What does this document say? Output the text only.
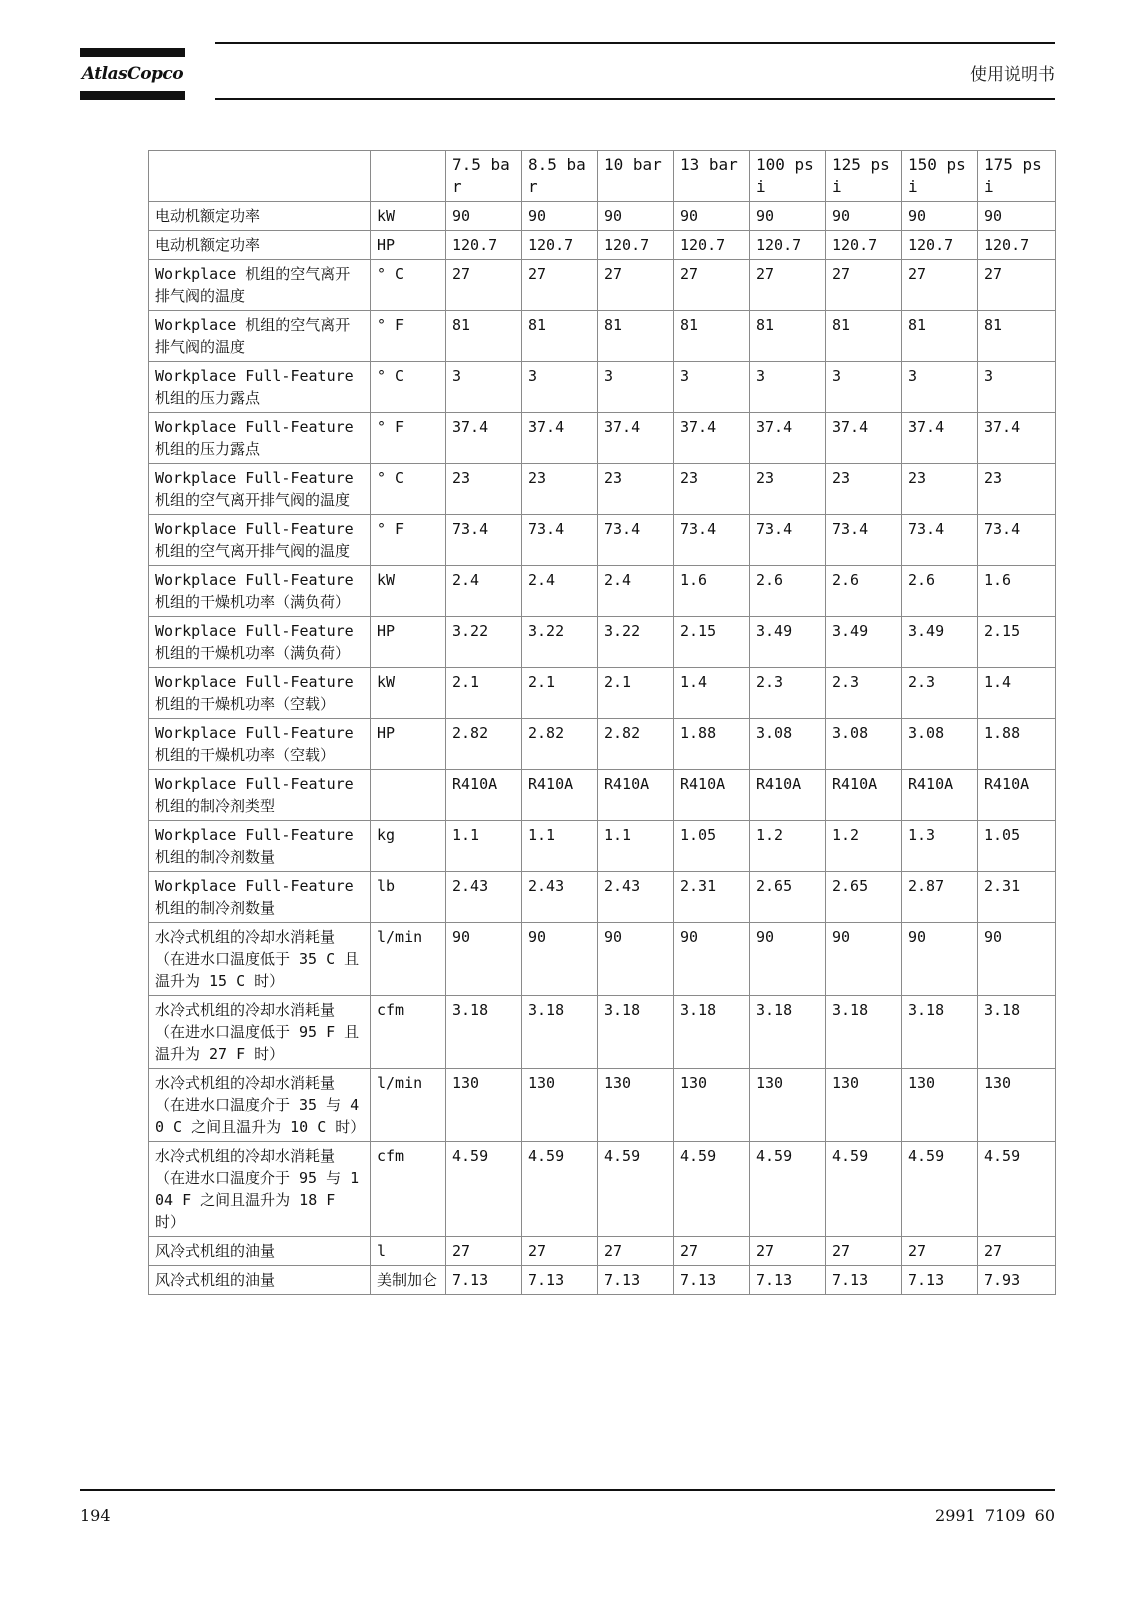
AtlasCopco	使用说明书
		7.5 bar	8.5 bar	10 bar	13 bar	100 psi	125 psi	150 psi	175 psi
电动机额定功率	kW	90	90	90	90	90	90	90	90
电动机额定功率	HP	120.7	120.7	120.7	120.7	120.7	120.7	120.7	120.7
Workplace 机组的空气离开排气阀的温度	° C	27	27	27	27	27	27	27	27
Workplace 机组的空气离开排气阀的温度	° F	81	81	81	81	81	81	81	81
Workplace Full-Feature 机组的压力露点	° C	3	3	3	3	3	3	3	3
Workplace Full-Feature 机组的压力露点	° F	37.4	37.4	37.4	37.4	37.4	37.4	37.4	37.4
Workplace Full-Feature 机组的空气离开排气阀的温度	° C	23	23	23	23	23	23	23	23
Workplace Full-Feature 机组的空气离开排气阀的温度	° F	73.4	73.4	73.4	73.4	73.4	73.4	73.4	73.4
Workplace Full-Feature 机组的干燥机功率（满负荷）	kW	2.4	2.4	2.4	1.6	2.6	2.6	2.6	1.6
Workplace Full-Feature 机组的干燥机功率（满负荷）	HP	3.22	3.22	3.22	2.15	3.49	3.49	3.49	2.15
Workplace Full-Feature 机组的干燥机功率（空载）	kW	2.1	2.1	2.1	1.4	2.3	2.3	2.3	1.4
Workplace Full-Feature 机组的干燥机功率（空载）	HP	2.82	2.82	2.82	1.88	3.08	3.08	3.08	1.88
Workplace Full-Feature 机组的制冷剂类型		R410A	R410A	R410A	R410A	R410A	R410A	R410A	R410A
Workplace Full-Feature 机组的制冷剂数量	kg	1.1	1.1	1.1	1.05	1.2	1.2	1.3	1.05
Workplace Full-Feature 机组的制冷剂数量	lb	2.43	2.43	2.43	2.31	2.65	2.65	2.87	2.31
水冷式机组的冷却水消耗量（在进水口温度低于 35 C 且温升为 15 C 时）	l/min	90	90	90	90	90	90	90	90
水冷式机组的冷却水消耗量（在进水口温度低于 95 F 且温升为 27 F 时）	cfm	3.18	3.18	3.18	3.18	3.18	3.18	3.18	3.18
水冷式机组的冷却水消耗量（在进水口温度介于 35 与 40 C 之间且温升为 10 C 时）	l/min	130	130	130	130	130	130	130	130
水冷式机组的冷却水消耗量（在进水口温度介于 95 与 104 F 之间且温升为 18 F 时）	cfm	4.59	4.59	4.59	4.59	4.59	4.59	4.59	4.59
风冷式机组的油量	l	27	27	27	27	27	27	27	27
风冷式机组的油量	美制加仑	7.13	7.13	7.13	7.13	7.13	7.13	7.13	7.93
194	2991 7109 60
